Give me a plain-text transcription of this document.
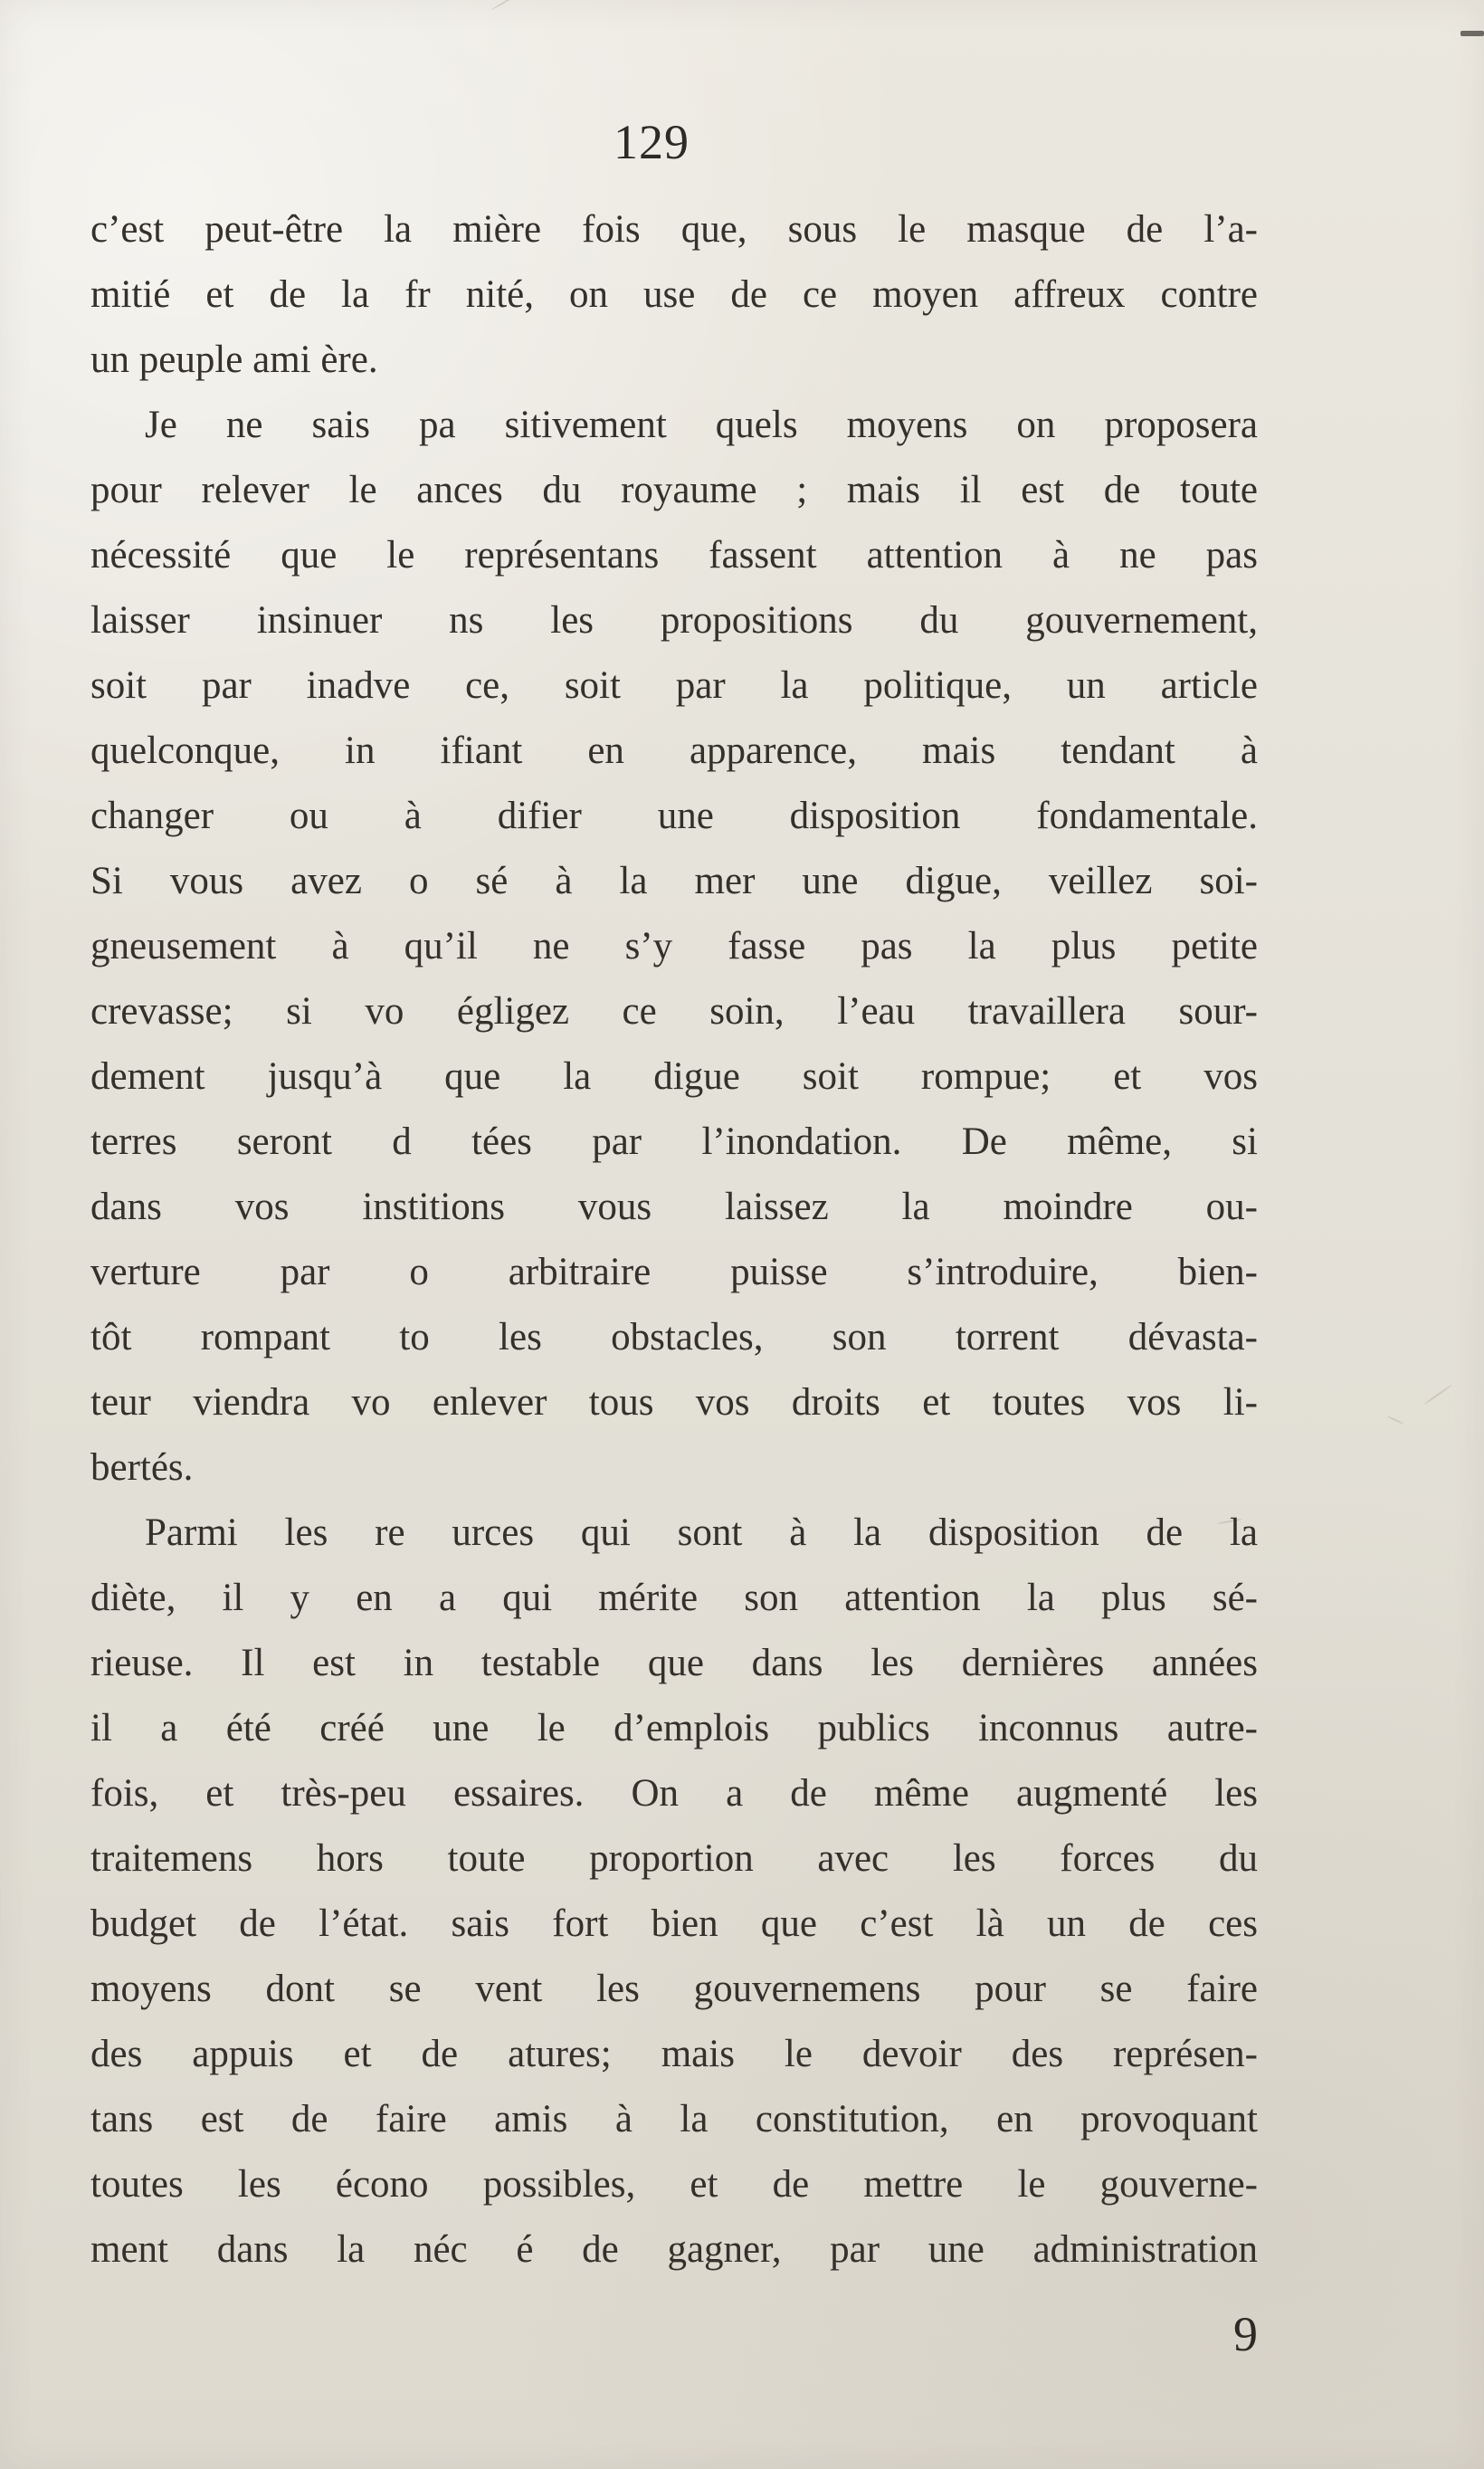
129
c’est peut-être la mière fois que, sous le masque de l’a-
mitié et de la fr nité, on use de ce moyen affreux contre
un peuple ami ère.
Je ne sais pa sitivement quels moyens on proposera
pour relever le ances du royaume ; mais il est de toute
nécessité que le représentans fassent attention à ne pas
laisser insinuer ns les propositions du gouvernement,
soit par inadve ce, soit par la politique, un article
quelconque, in ifiant en apparence, mais tendant à
changer ou à difier une disposition fondamentale.
Si vous avez o sé à la mer une digue, veillez soi-
gneusement à qu’il ne s’y fasse pas la plus petite
crevasse; si vo égligez ce soin, l’eau travaillera sour-
dement jusqu’à que la digue soit rompue; et vos
terres seront d tées par l’inondation. De même, si
dans vos institions vous laissez la moindre ou-
verture par o arbitraire puisse s’introduire, bien-
tôt rompant to les obstacles, son torrent dévasta-
teur viendra vo enlever tous vos droits et toutes vos li-
bertés.
Parmi les re urces qui sont à la disposition de la
diète, il y en a qui mérite son attention la plus sé-
rieuse. Il est in testable que dans les dernières années
il a été créé une le d’emplois publics inconnus autre-
fois, et très-peu essaires. On a de même augmenté les
traitemens hors toute proportion avec les forces du
budget de l’état. sais fort bien que c’est là un de ces
moyens dont se vent les gouvernemens pour se faire
des appuis et de atures; mais le devoir des représen-
tans est de faire amis à la constitution, en provoquant
toutes les écono possibles, et de mettre le gouverne-
ment dans la néc é de gagner, par une administration
9
